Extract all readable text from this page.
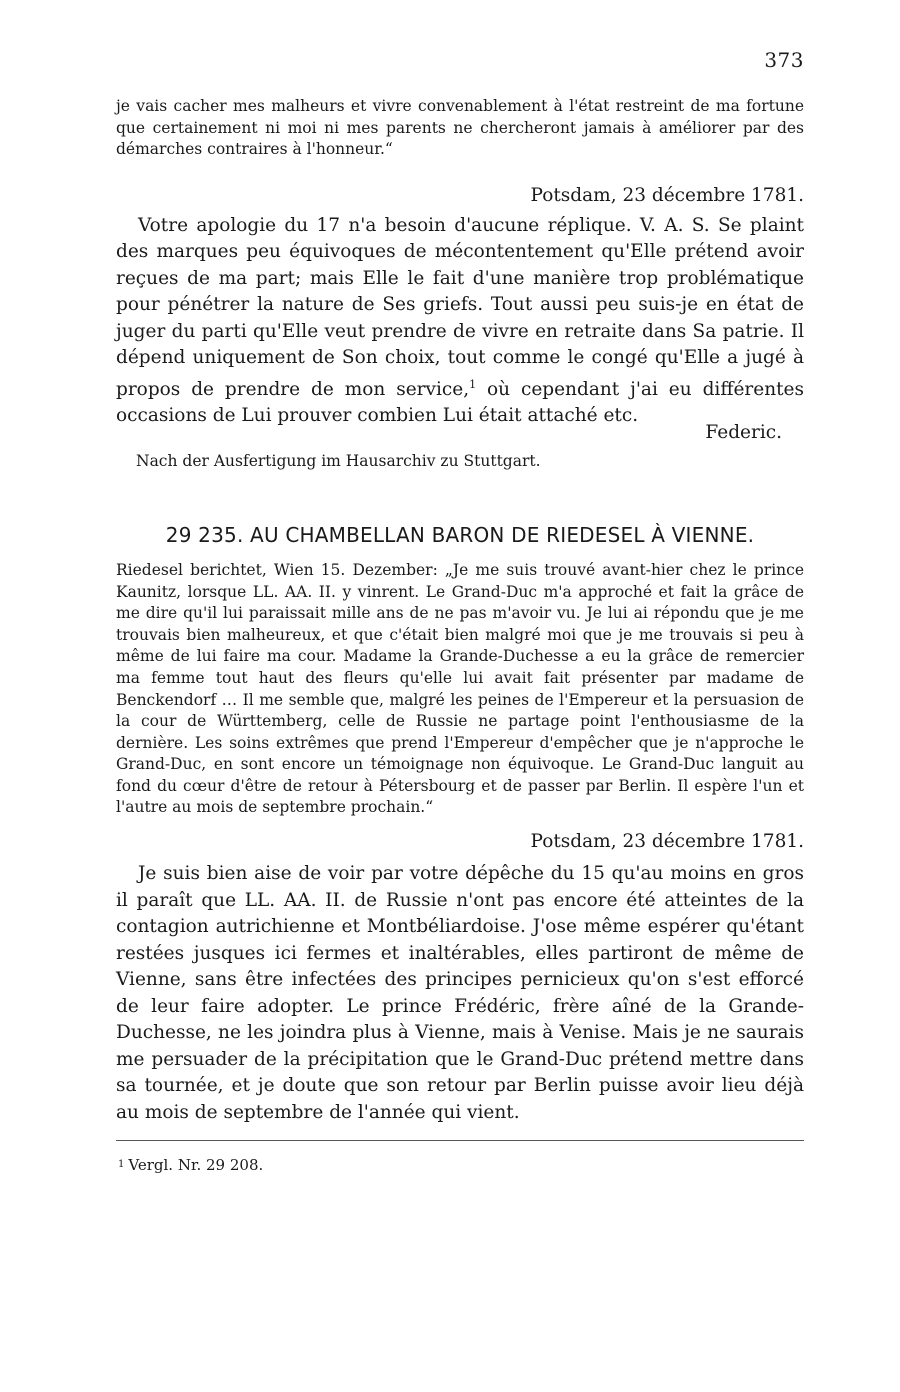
373

je vais cacher mes malheurs et vivre convenablement à l'état restreint de ma fortune que certainement ni moi ni mes parents ne chercheront jamais à améliorer par des démarches contraires à l'honneur.“

Potsdam, 23 décembre 1781.

Votre apologie du 17 n'a besoin d'aucune réplique. V. A. S. Se plaint des marques peu équivoques de mécontentement qu'Elle prétend avoir reçues de ma part; mais Elle le fait d'une manière trop problématique pour pénétrer la nature de Ses griefs. Tout aussi peu suis-je en état de juger du parti qu'Elle veut prendre de vivre en retraite dans Sa patrie. Il dépend uniquement de Son choix, tout comme le congé qu'Elle a jugé à propos de prendre de mon service,$^1$ où cependant j'ai eu différentes occasions de Lui prouver combien Lui était attaché etc.

Federic.

Nach der Ausfertigung im Hausarchiv zu Stuttgart.

29 235. AU CHAMBELLAN BARON DE RIEDESEL À VIENNE.

Riedesel berichtet, Wien 15. Dezember: „Je me suis trouvé avant-hier chez le prince Kaunitz, lorsque LL. AA. II. y vinrent. Le Grand-Duc m'a approché et fait la grâce de me dire qu'il lui paraissait mille ans de ne pas m'avoir vu. Je lui ai répondu que je me trouvais bien malheureux, et que c'était bien malgré moi que je me trouvais si peu à même de lui faire ma cour. Madame la Grande-Duchesse a eu la grâce de remercier ma femme tout haut des fleurs qu'elle lui avait fait présenter par madame de Benckendorf … Il me semble que, malgré les peines de l'Empereur et la persuasion de la cour de Württemberg, celle de Russie ne partage point l'enthousiasme de la dernière. Les soins extrêmes que prend l'Empereur d'empêcher que je n'approche le Grand-Duc, en sont encore un témoignage non équivoque. Le Grand-Duc languit au fond du cœur d'être de retour à Pétersbourg et de passer par Berlin. Il espère l'un et l'autre au mois de septembre prochain.“

Potsdam, 23 décembre 1781.

Je suis bien aise de voir par votre dépêche du 15 qu'au moins en gros il paraît que LL. AA. II. de Russie n'ont pas encore été atteintes de la contagion autrichienne et Montbéliardoise. J'ose même espérer qu'étant restées jusques ici fermes et inaltérables, elles partiront de même de Vienne, sans être infectées des principes pernicieux qu'on s'est efforcé de leur faire adopter. Le prince Frédéric, frère aîné de la Grande-Duchesse, ne les joindra plus à Vienne, mais à Venise. Mais je ne saurais me persuader de la précipitation que le Grand-Duc prétend mettre dans sa tournée, et je doute que son retour par Berlin puisse avoir lieu déjà au mois de septembre de l'année qui vient.

$^1$ Vergl. Nr. 29 208.
